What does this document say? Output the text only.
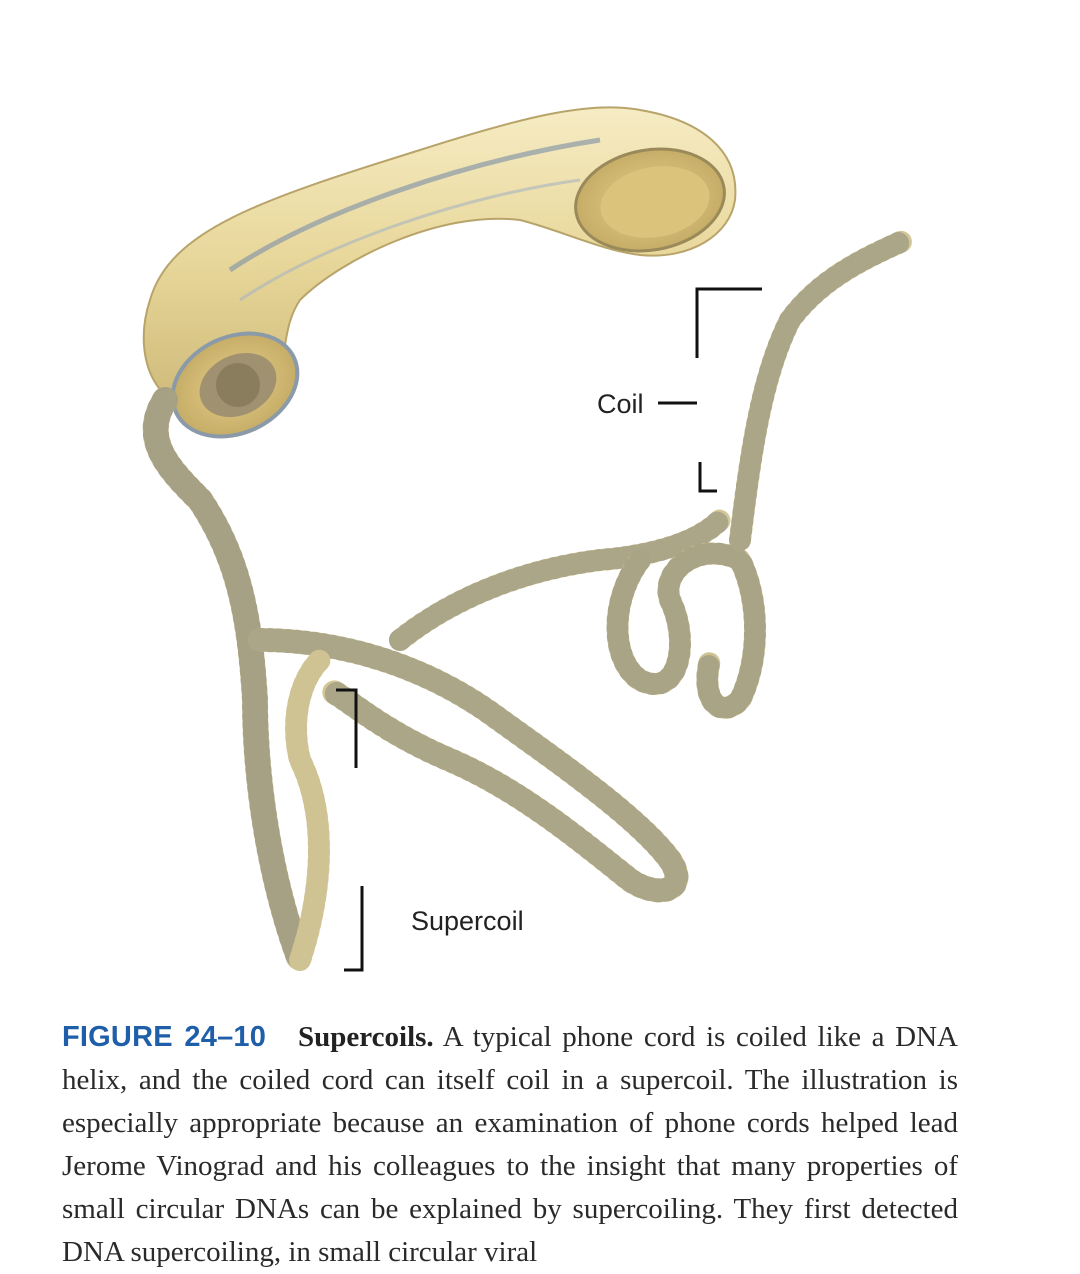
Coil
Supercoil
FIGURE 24–10 Supercoils. A typical phone cord is coiled like a DNA helix, and the coiled cord can itself coil in a supercoil. The illustration is especially appropriate because an examination of phone cords helped lead Jerome Vinograd and his colleagues to the insight that many properties of small circular DNAs can be explained by supercoiling. They first detected DNA supercoiling, in small circular viral
